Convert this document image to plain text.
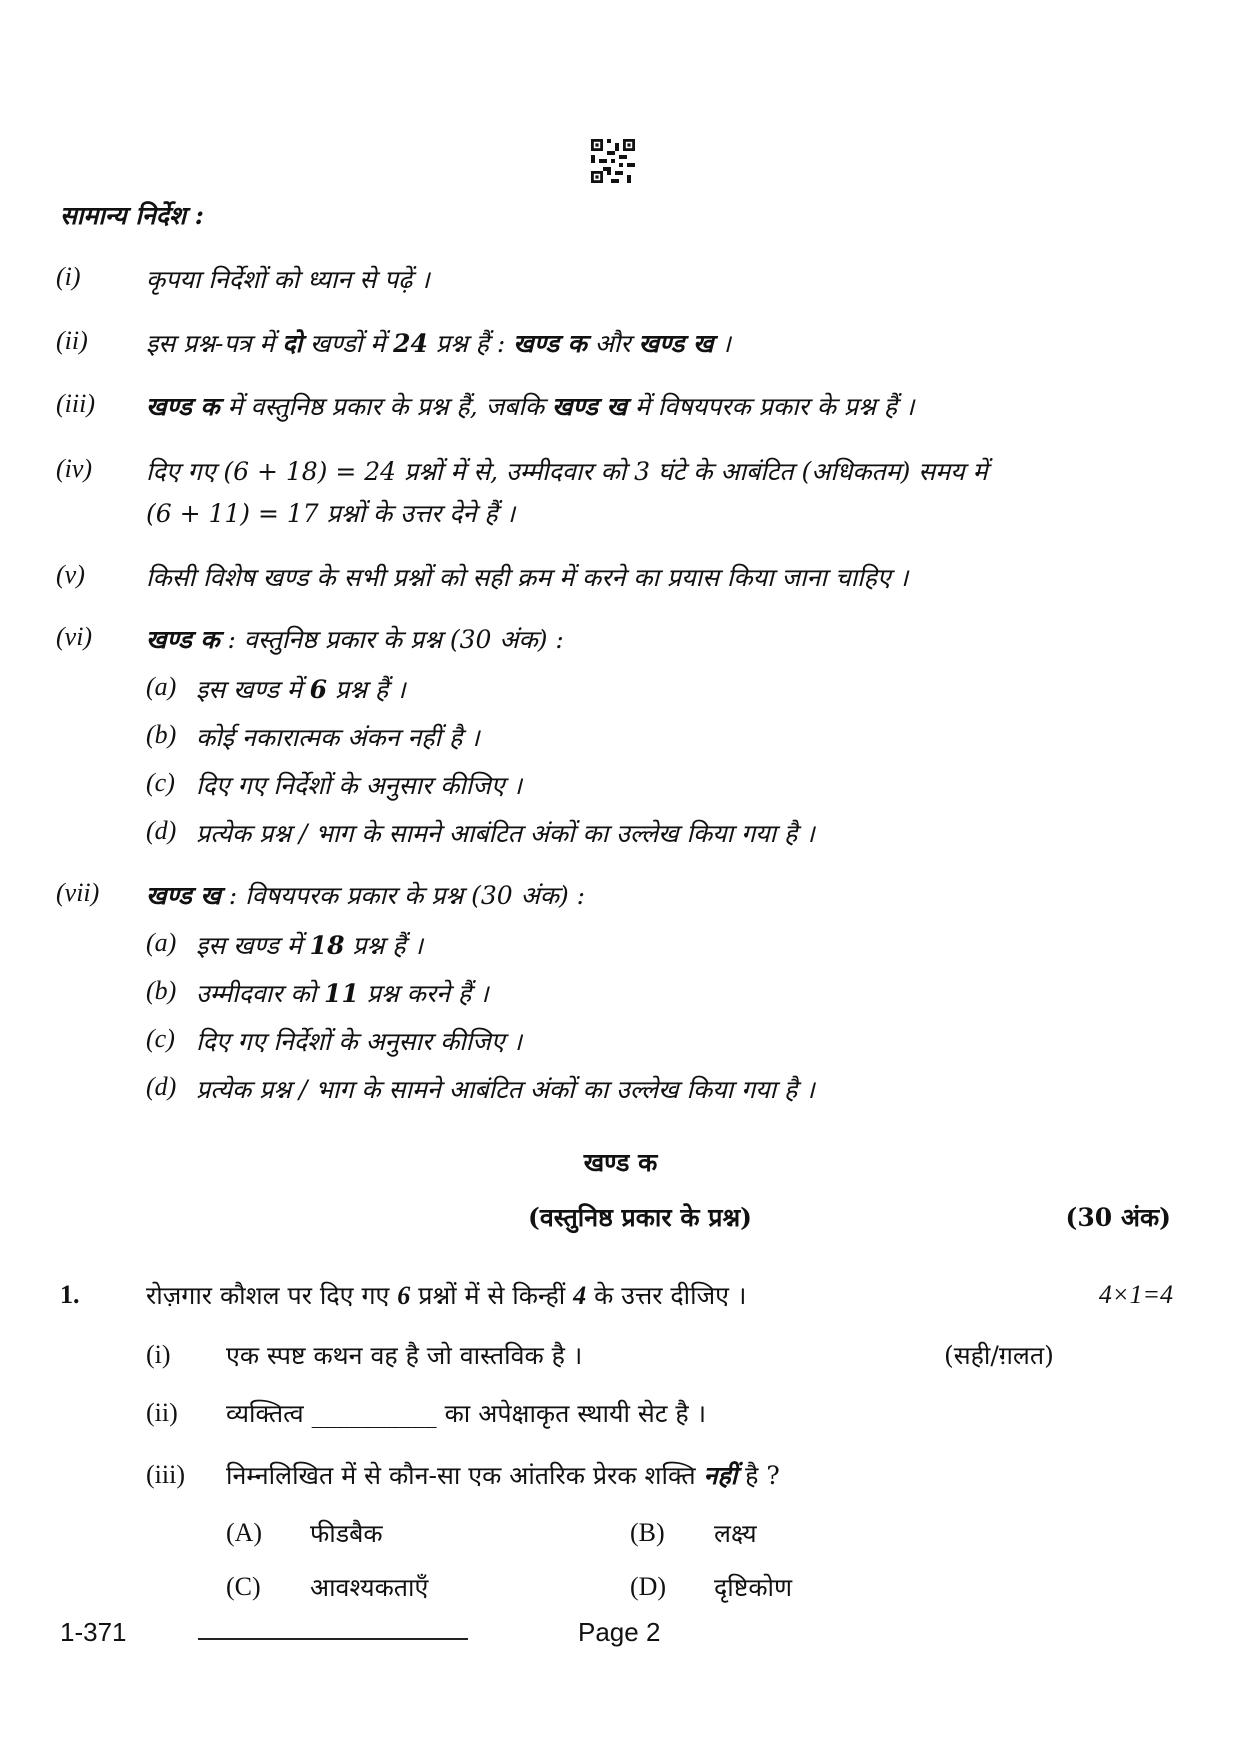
सामान्य निर्देश :
(i)	कृपया निर्देशों को ध्यान से पढ़ें ।
(ii) इस प्रश्न-पत्र में दो खण्डों में 24 प्रश्न हैं : खण्ड क और खण्ड ख ।
(iii) खण्ड क में वस्तुनिष्ठ प्रकार के प्रश्न हैं, जबकि खण्ड ख में विषयपरक प्रकार के प्रश्न हैं ।
(iv) दिए गए (6 + 18) = 24 प्रश्नों में से, उम्मीदवार को 3 घंटे के आबंटित (अधिकतम) समय में
(6 + 11) = 17 प्रश्नों के उत्तर देने हैं ।
(v) किसी विशेष खण्ड के सभी प्रश्नों को सही क्रम में करने का प्रयास किया जाना चाहिए ।
(vi) खण्ड क : वस्तुनिष्ठ प्रकार के प्रश्न (30 अंक) :
(a) इस खण्ड में 6 प्रश्न हैं ।
(b) कोई नकारात्मक अंकन नहीं है ।
(c) दिए गए निर्देशों के अनुसार कीजिए ।
(d) प्रत्येक प्रश्न / भाग के सामने आबंटित अंकों का उल्लेख किया गया है ।
(vii) खण्ड ख : विषयपरक प्रकार के प्रश्न (30 अंक) :
(a) इस खण्ड में 18 प्रश्न हैं ।
(b) उम्मीदवार को 11 प्रश्न करने हैं ।
(c) दिए गए निर्देशों के अनुसार कीजिए ।
(d) प्रत्येक प्रश्न / भाग के सामने आबंटित अंकों का उल्लेख किया गया है ।
खण्ड क
(वस्तुनिष्ठ प्रकार के प्रश्न)	(30 अंक)
1.	रोज़गार कौशल पर दिए गए 6 प्रश्नों में से किन्हीं 4 के उत्तर दीजिए ।	4×1=4
(i) एक स्पष्ट कथन वह है जो वास्तविक है ।	(सही/ग़लत)
(ii) व्यक्तित्व __________ का अपेक्षाकृत स्थायी सेट है ।
(iii) निम्नलिखित में से कौन-सा एक आंतरिक प्रेरक शक्ति नहीं है ?
(A) फीडबैक	(B) लक्ष्य
(C) आवश्यकताएँ	(D) दृष्टिकोण
1-371	Page 2
